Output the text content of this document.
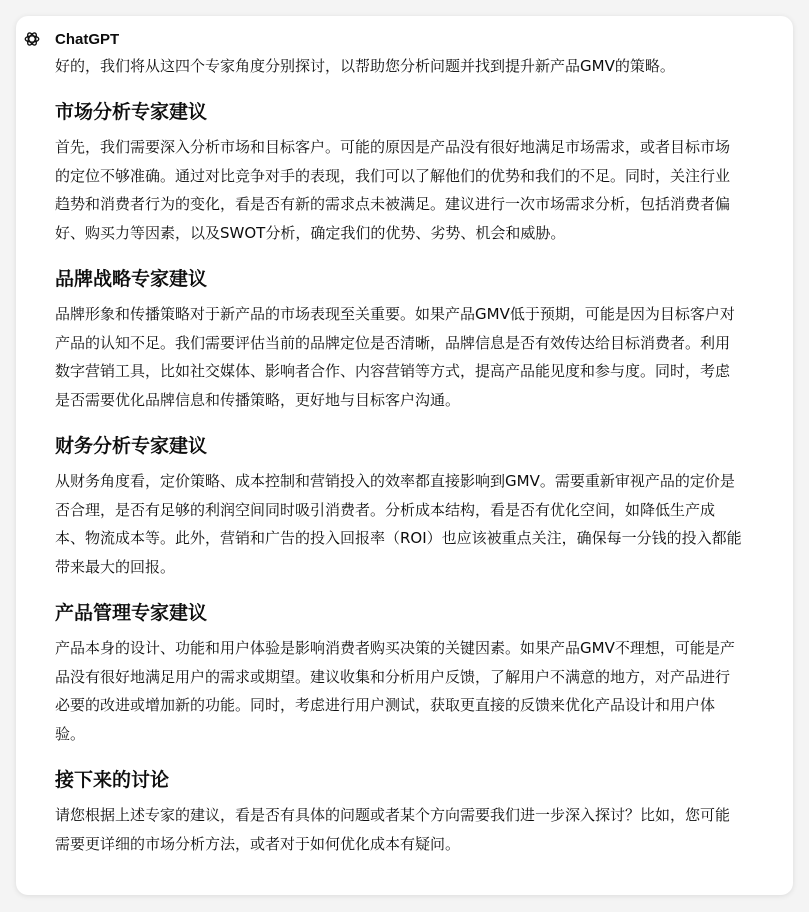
ChatGPT

好的，我们将从这四个专家角度分别探讨，以帮助您分析问题并找到提升新产品GMV的策略。

市场分析专家建议

首先，我们需要深入分析市场和目标客户。可能的原因是产品没有很好地满足市场需求，或者目标市场
的定位不够准确。通过对比竞争对手的表现，我们可以了解他们的优势和我们的不足。同时，关注行业
趋势和消费者行为的变化，看是否有新的需求点未被满足。建议进行一次市场需求分析，包括消费者偏
好、购买力等因素，以及SWOT分析，确定我们的优势、劣势、机会和威胁。

品牌战略专家建议

品牌形象和传播策略对于新产品的市场表现至关重要。如果产品GMV低于预期，可能是因为目标客户对
产品的认知不足。我们需要评估当前的品牌定位是否清晰，品牌信息是否有效传达给目标消费者。利用
数字营销工具，比如社交媒体、影响者合作、内容营销等方式，提高产品能见度和参与度。同时，考虑
是否需要优化品牌信息和传播策略，更好地与目标客户沟通。

财务分析专家建议

从财务角度看，定价策略、成本控制和营销投入的效率都直接影响到GMV。需要重新审视产品的定价是
否合理，是否有足够的利润空间同时吸引消费者。分析成本结构，看是否有优化空间，如降低生产成
本、物流成本等。此外，营销和广告的投入回报率（ROI）也应该被重点关注，确保每一分钱的投入都能
带来最大的回报。

产品管理专家建议

产品本身的设计、功能和用户体验是影响消费者购买决策的关键因素。如果产品GMV不理想，可能是产
品没有很好地满足用户的需求或期望。建议收集和分析用户反馈，了解用户不满意的地方，对产品进行
必要的改进或增加新的功能。同时，考虑进行用户测试，获取更直接的反馈来优化产品设计和用户体
验。

接下来的讨论

请您根据上述专家的建议，看是否有具体的问题或者某个方向需要我们进一步深入探讨？比如，您可能
需要更详细的市场分析方法，或者对于如何优化成本有疑问。
